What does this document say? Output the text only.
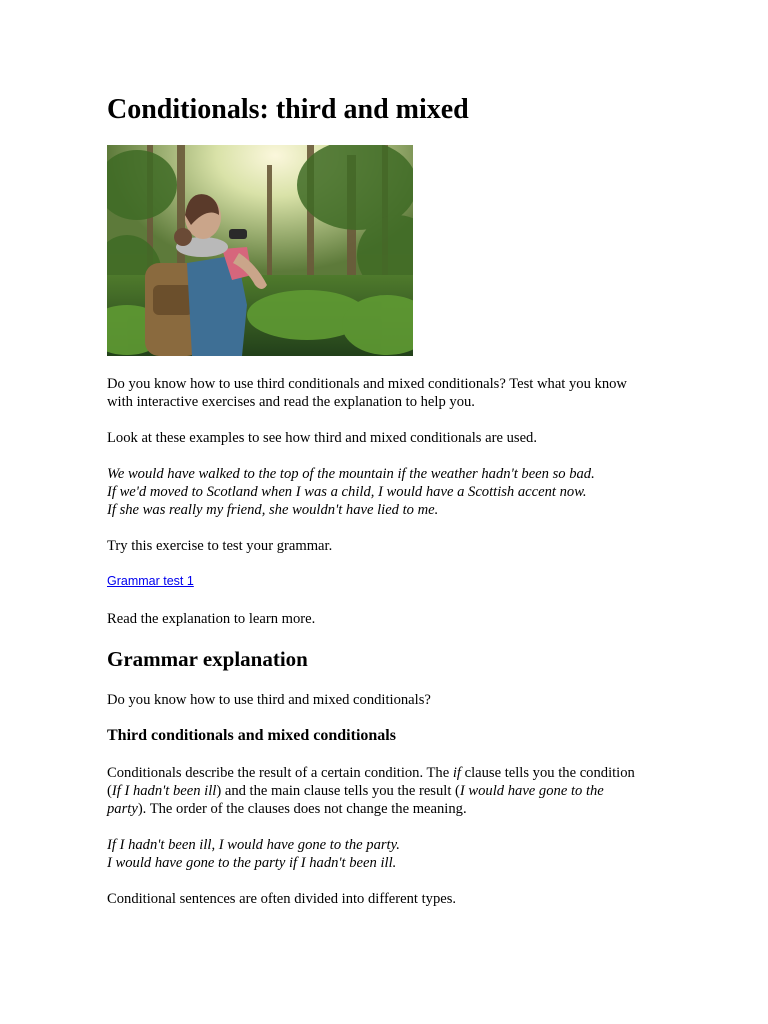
Conditionals: third and mixed

Do you know how to use third conditionals and mixed conditionals? Test what you know

with interactive exercises and read the explanation to help you.

Look at these examples to see how third and mixed conditionals are used.

We would have walked to the top of the mountain if the weather hadn't been so bad.

If we'd moved to Scotland when I was a child, I would have a Scottish accent now.

If she was really my friend, she wouldn't have lied to me.

Try this exercise to test your grammar.

Grammar test 1

Read the explanation to learn more.

Grammar explanation

Do you know how to use third and mixed conditionals?

Third conditionals and mixed conditionals

Conditionals describe the result of a certain condition. The if clause tells you the condition

(If I hadn't been ill) and the main clause tells you the result (I would have gone to the

party). The order of the clauses does not change the meaning.

If I hadn't been ill, I would have gone to the party.

I would have gone to the party if I hadn't been ill.

Conditional sentences are often divided into different types.
